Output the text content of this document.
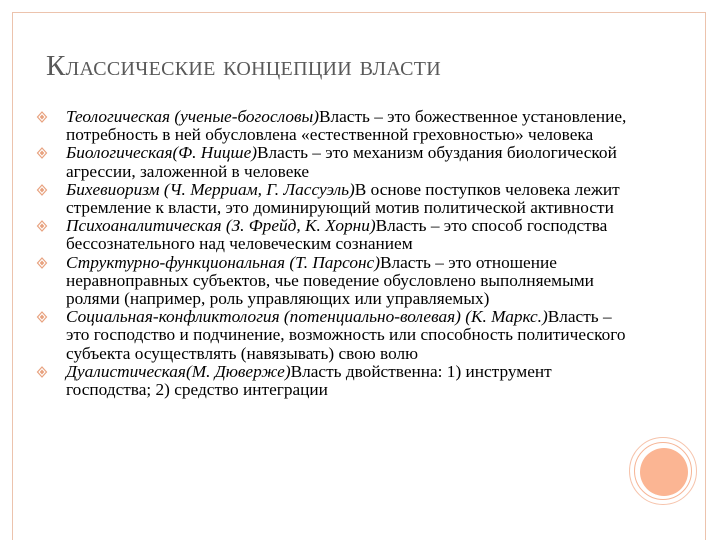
Классические концепции власти
Теологическая (ученые-богословы)Власть – это божественное установление, потребность в ней обусловлена «естественной греховностью» человека
Биологическая(Ф. Ницше)Власть – это механизм обуздания биологической агрессии, заложенной в человеке
Бихевиоризм (Ч. Мерриам, Г. Лассуэль)В основе поступков человека лежит стремление к власти, это доминирующий мотив политической активности
Психоаналитическая (З. Фрейд, К. Хорни)Власть – это способ господства бессознательного над человеческим сознанием
Структурно-функциональная (Т. Парсонс)Власть – это отношение неравноправных субъектов, чье поведение обусловлено выполняемыми ролями (например, роль управляющих или управляемых)
Социальная-конфликтология (потенциально-волевая) (К. Маркс.)Власть – это господство и подчинение, возможность или способность политического субъекта осуществлять (навязывать) свою волю
Дуалистическая(М. Дюверже)Власть двойственна: 1) инструмент господства; 2) средство интеграции
